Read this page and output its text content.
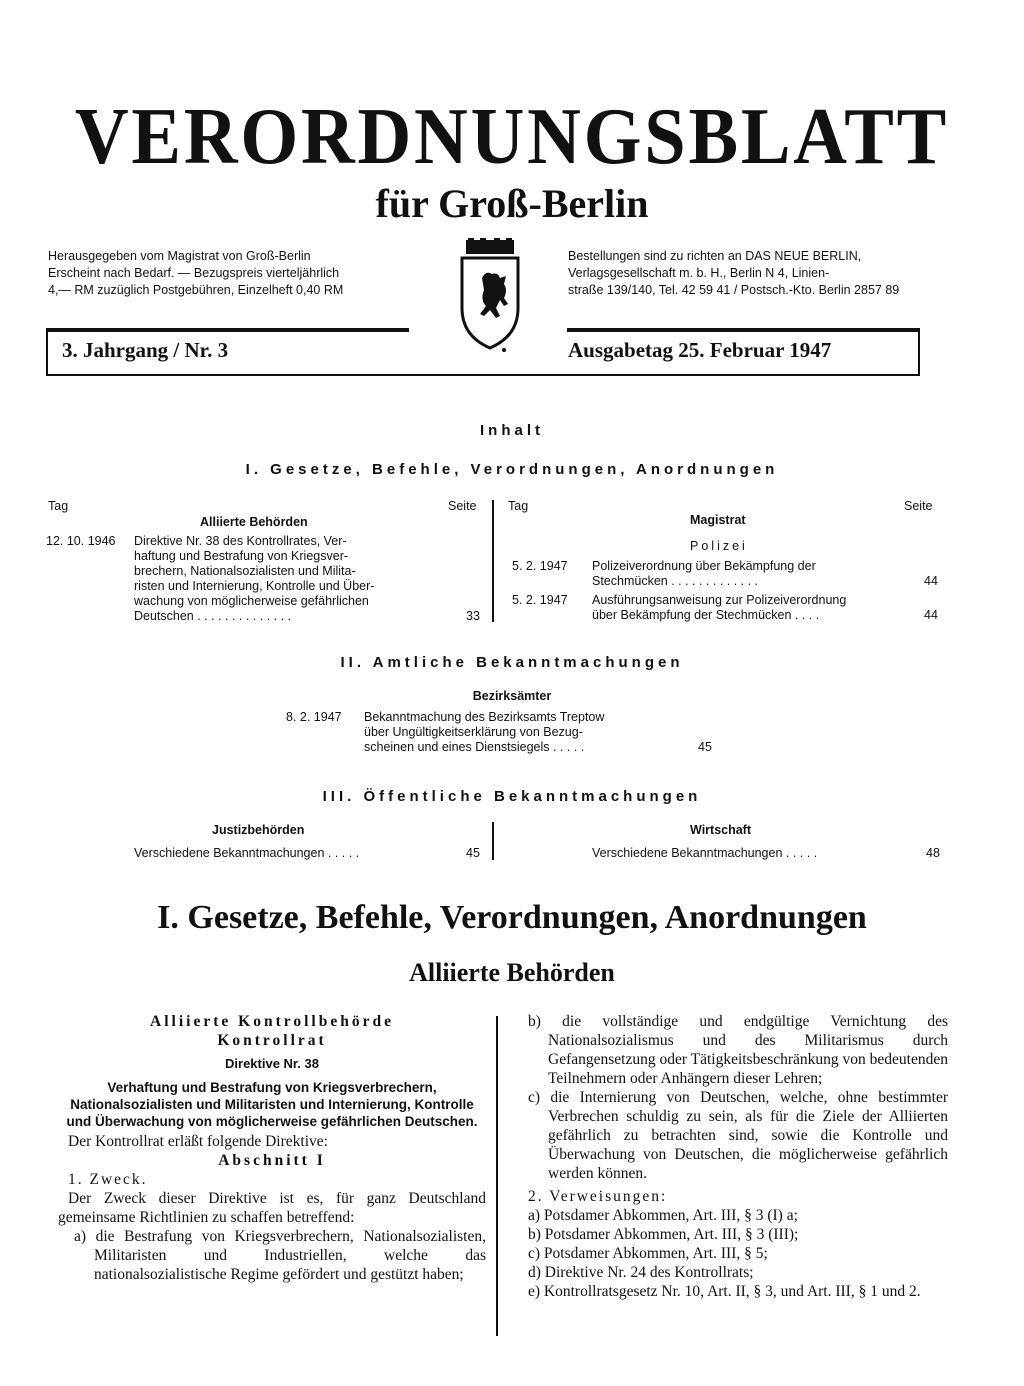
VERORDNUNGSBLATT
für Groß-Berlin
Herausgegeben vom Magistrat von Groß-Berlin
Erscheint nach Bedarf. — Bezugspreis vierteljährlich
4,— RM zuzüglich Postgebühren, Einzelheft 0,40 RM
Bestellungen sind zu richten an DAS NEUE BERLIN,
Verlagsgesellschaft m. b. H., Berlin N 4, Linien-
straße 139/140, Tel. 42 59 41 / Postsch.-Kto. Berlin 2857 89
3. Jahrgang / Nr. 3	Ausgabetag 25. Februar 1947
Inhalt
I. Gesetze, Befehle, Verordnungen, Anordnungen
Tag	Seite
Alliierte Behörden
12. 10. 1946 Direktive Nr. 38 des Kontrollrates, Ver-
haftung und Bestrafung von Kriegsver-
brechern, Nationalsozialisten und Milita-
risten und Internierung, Kontrolle und Über-
wachung von möglicherweise gefährlichen
Deutschen . . . . . . . . . . . . . .	33
Tag	Seite
Magistrat
Polizei
5. 2. 1947 Polizeiverordnung über Bekämpfung der
Stechmücken . . . . . . . . . . . . .	44
5. 2. 1947 Ausführungsanweisung zur Polizeiverordnung
über Bekämpfung der Stechmücken . . . .	44
II. Amtliche Bekanntmachungen
Bezirksämter
8. 2. 1947 Bekanntmachung des Bezirksamts Treptow
über Ungültigkeitserklärung von Bezug-
scheinen und eines Dienstsiegels . . . . .	45
III. Öffentliche Bekanntmachungen
Justizbehörden
Verschiedene Bekanntmachungen . . . . .	45
Wirtschaft
Verschiedene Bekanntmachungen . . . . .	48
I. Gesetze, Befehle, Verordnungen, Anordnungen
Alliierte Behörden

Alliierte Kontrollbehörde

Kontrollrat

Direktive Nr. 38

Verhaftung und Bestrafung von Kriegsverbrechern, Nationalsozialisten und Militaristen und Internierung, Kontrolle und Überwachung von möglicherweise gefährlichen Deutschen.

Der Kontrollrat erläßt folgende Direktive:

Abschnitt I

1. Zweck.

Der Zweck dieser Direktive ist es, für ganz Deutschland gemeinsame Richtlinien zu schaffen betreffend:

a) die Bestrafung von Kriegsverbrechern, Nationalsozialisten, Militaristen und Industriellen, welche das nationalsozialistische Regime gefördert und gestützt haben;

b) die vollständige und endgültige Vernichtung des Nationalsozialismus und des Militarismus durch Gefangensetzung oder Tätigkeitsbeschränkung von bedeutenden Teilnehmern oder Anhängern dieser Lehren;

c) die Internierung von Deutschen, welche, ohne bestimmter Verbrechen schuldig zu sein, als für die Ziele der Alliierten gefährlich zu betrachten sind, sowie die Kontrolle und Überwachung von Deutschen, die möglicherweise gefährlich werden können.

2. Verweisungen:

a) Potsdamer Abkommen, Art. III, § 3 (I) a;

b) Potsdamer Abkommen, Art. III, § 3 (III);

c) Potsdamer Abkommen, Art. III, § 5;

d) Direktive Nr. 24 des Kontrollrats;

e) Kontrollratsgesetz Nr. 10, Art. II, § 3, und Art. III, § 1 und 2.
